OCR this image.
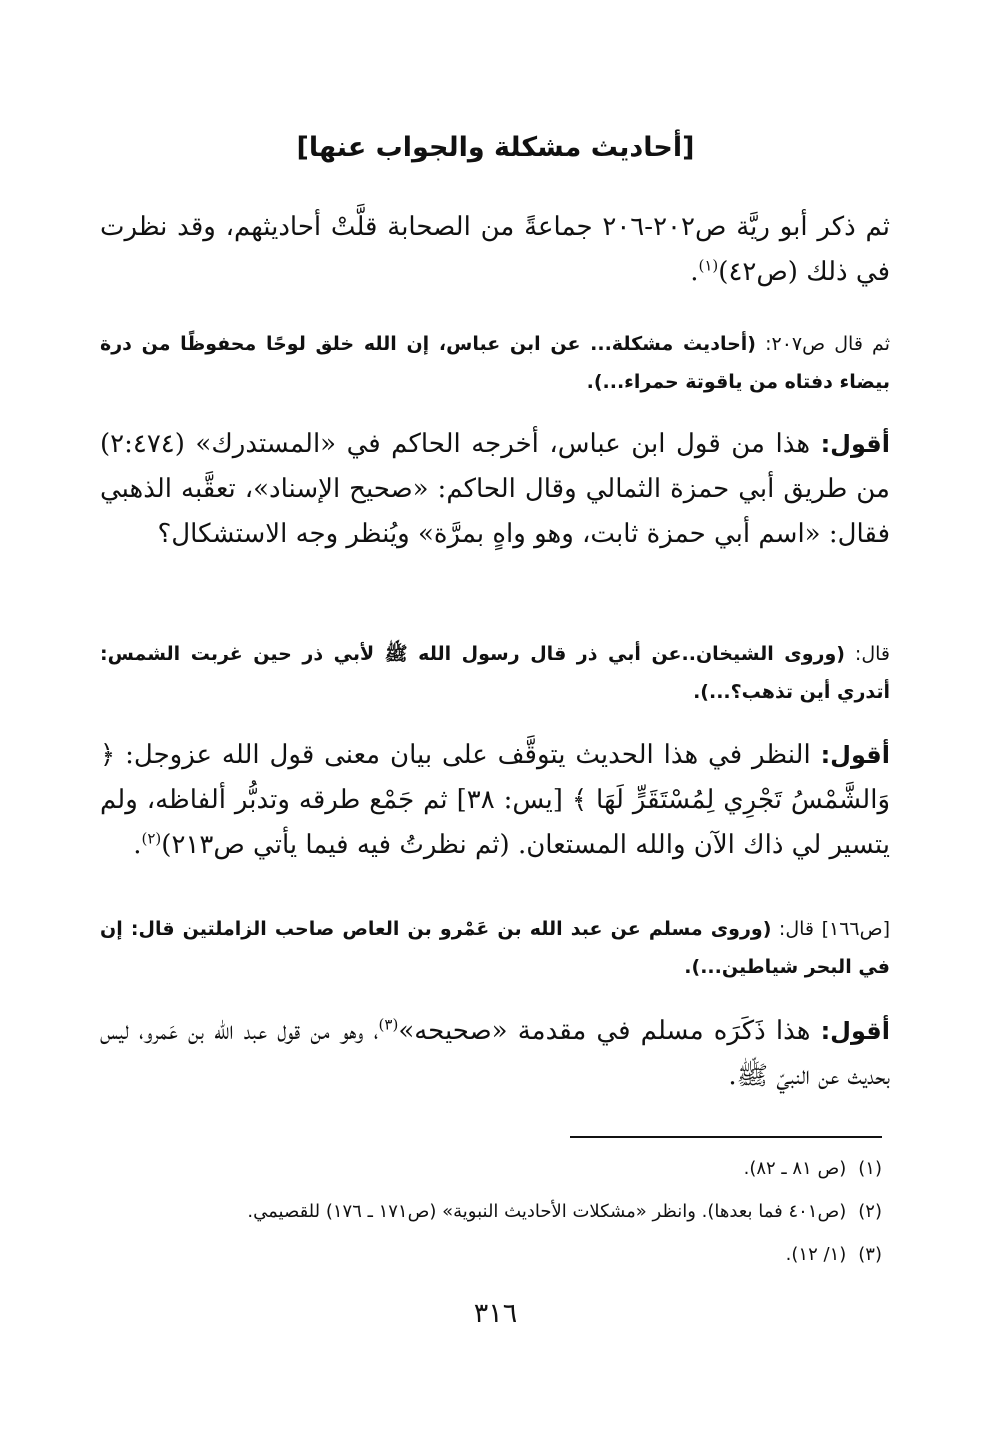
[أحاديث مشكلة والجواب عنها]
ثم ذكر أبو ريَّة ص٢٠٢-٢٠٦ جماعةً من الصحابة قلَّتْ أحاديثهم، وقد نظرت في ذلك (ص٤٢)$^{(١)}$.
ثم قال ص٢٠٧: (أحاديث مشكلة... عن ابن عباس، إن الله خلق لوحًا محفوظًا من درة بيضاء دفتاه من ياقوتة حمراء...).
أقول: هذا من قول ابن عباس، أخرجه الحاكم في «المستدرك» (٢:٤٧٤) من طريق أبي حمزة الثمالي وقال الحاكم: «صحيح الإسناد»، تعقَّبه الذهبي فقال: «اسم أبي حمزة ثابت، وهو واهٍ بمرَّة» ويُنظر وجه الاستشكال؟
قال: (وروى الشيخان..عن أبي ذر قال رسول الله ﷺ لأبي ذر حين غربت الشمس: أتدري أين تذهب؟...).
أقول: النظر في هذا الحديث يتوقَّف على بيان معنى قول الله عزوجل: ﴿ وَالشَّمْسُ تَجْرِي لِمُسْتَقَرٍّ لَهَا ﴾ [يس: ٣٨] ثم جَمْع طرقه وتدبُّر ألفاظه، ولم يتسير لي ذاك الآن والله المستعان. (ثم نظرتُ فيه فيما يأتي ص٢١٣)$^{(٢)}$.
[ص١٦٦] قال: (وروى مسلم عن عبد الله بن عَمْرو بن العاص صاحب الزاملتين قال: إن في البحر شياطين...).
أقول: هذا ذَكَرَه مسلم في مقدمة «صحيحه»$^{(٣)}$، وهو من قول عبد الله بن عَمرو، ليس بحديث عن النبيّ ﷺ.
(١)(ص ٨١ ـ ٨٢).
(٢)(ص٤٠١ فما بعدها). وانظر «مشكلات الأحاديث النبوية» (ص١٧١ ـ ١٧٦) للقصيمي.
(٣)(١/ ١٢).
٣١٦
